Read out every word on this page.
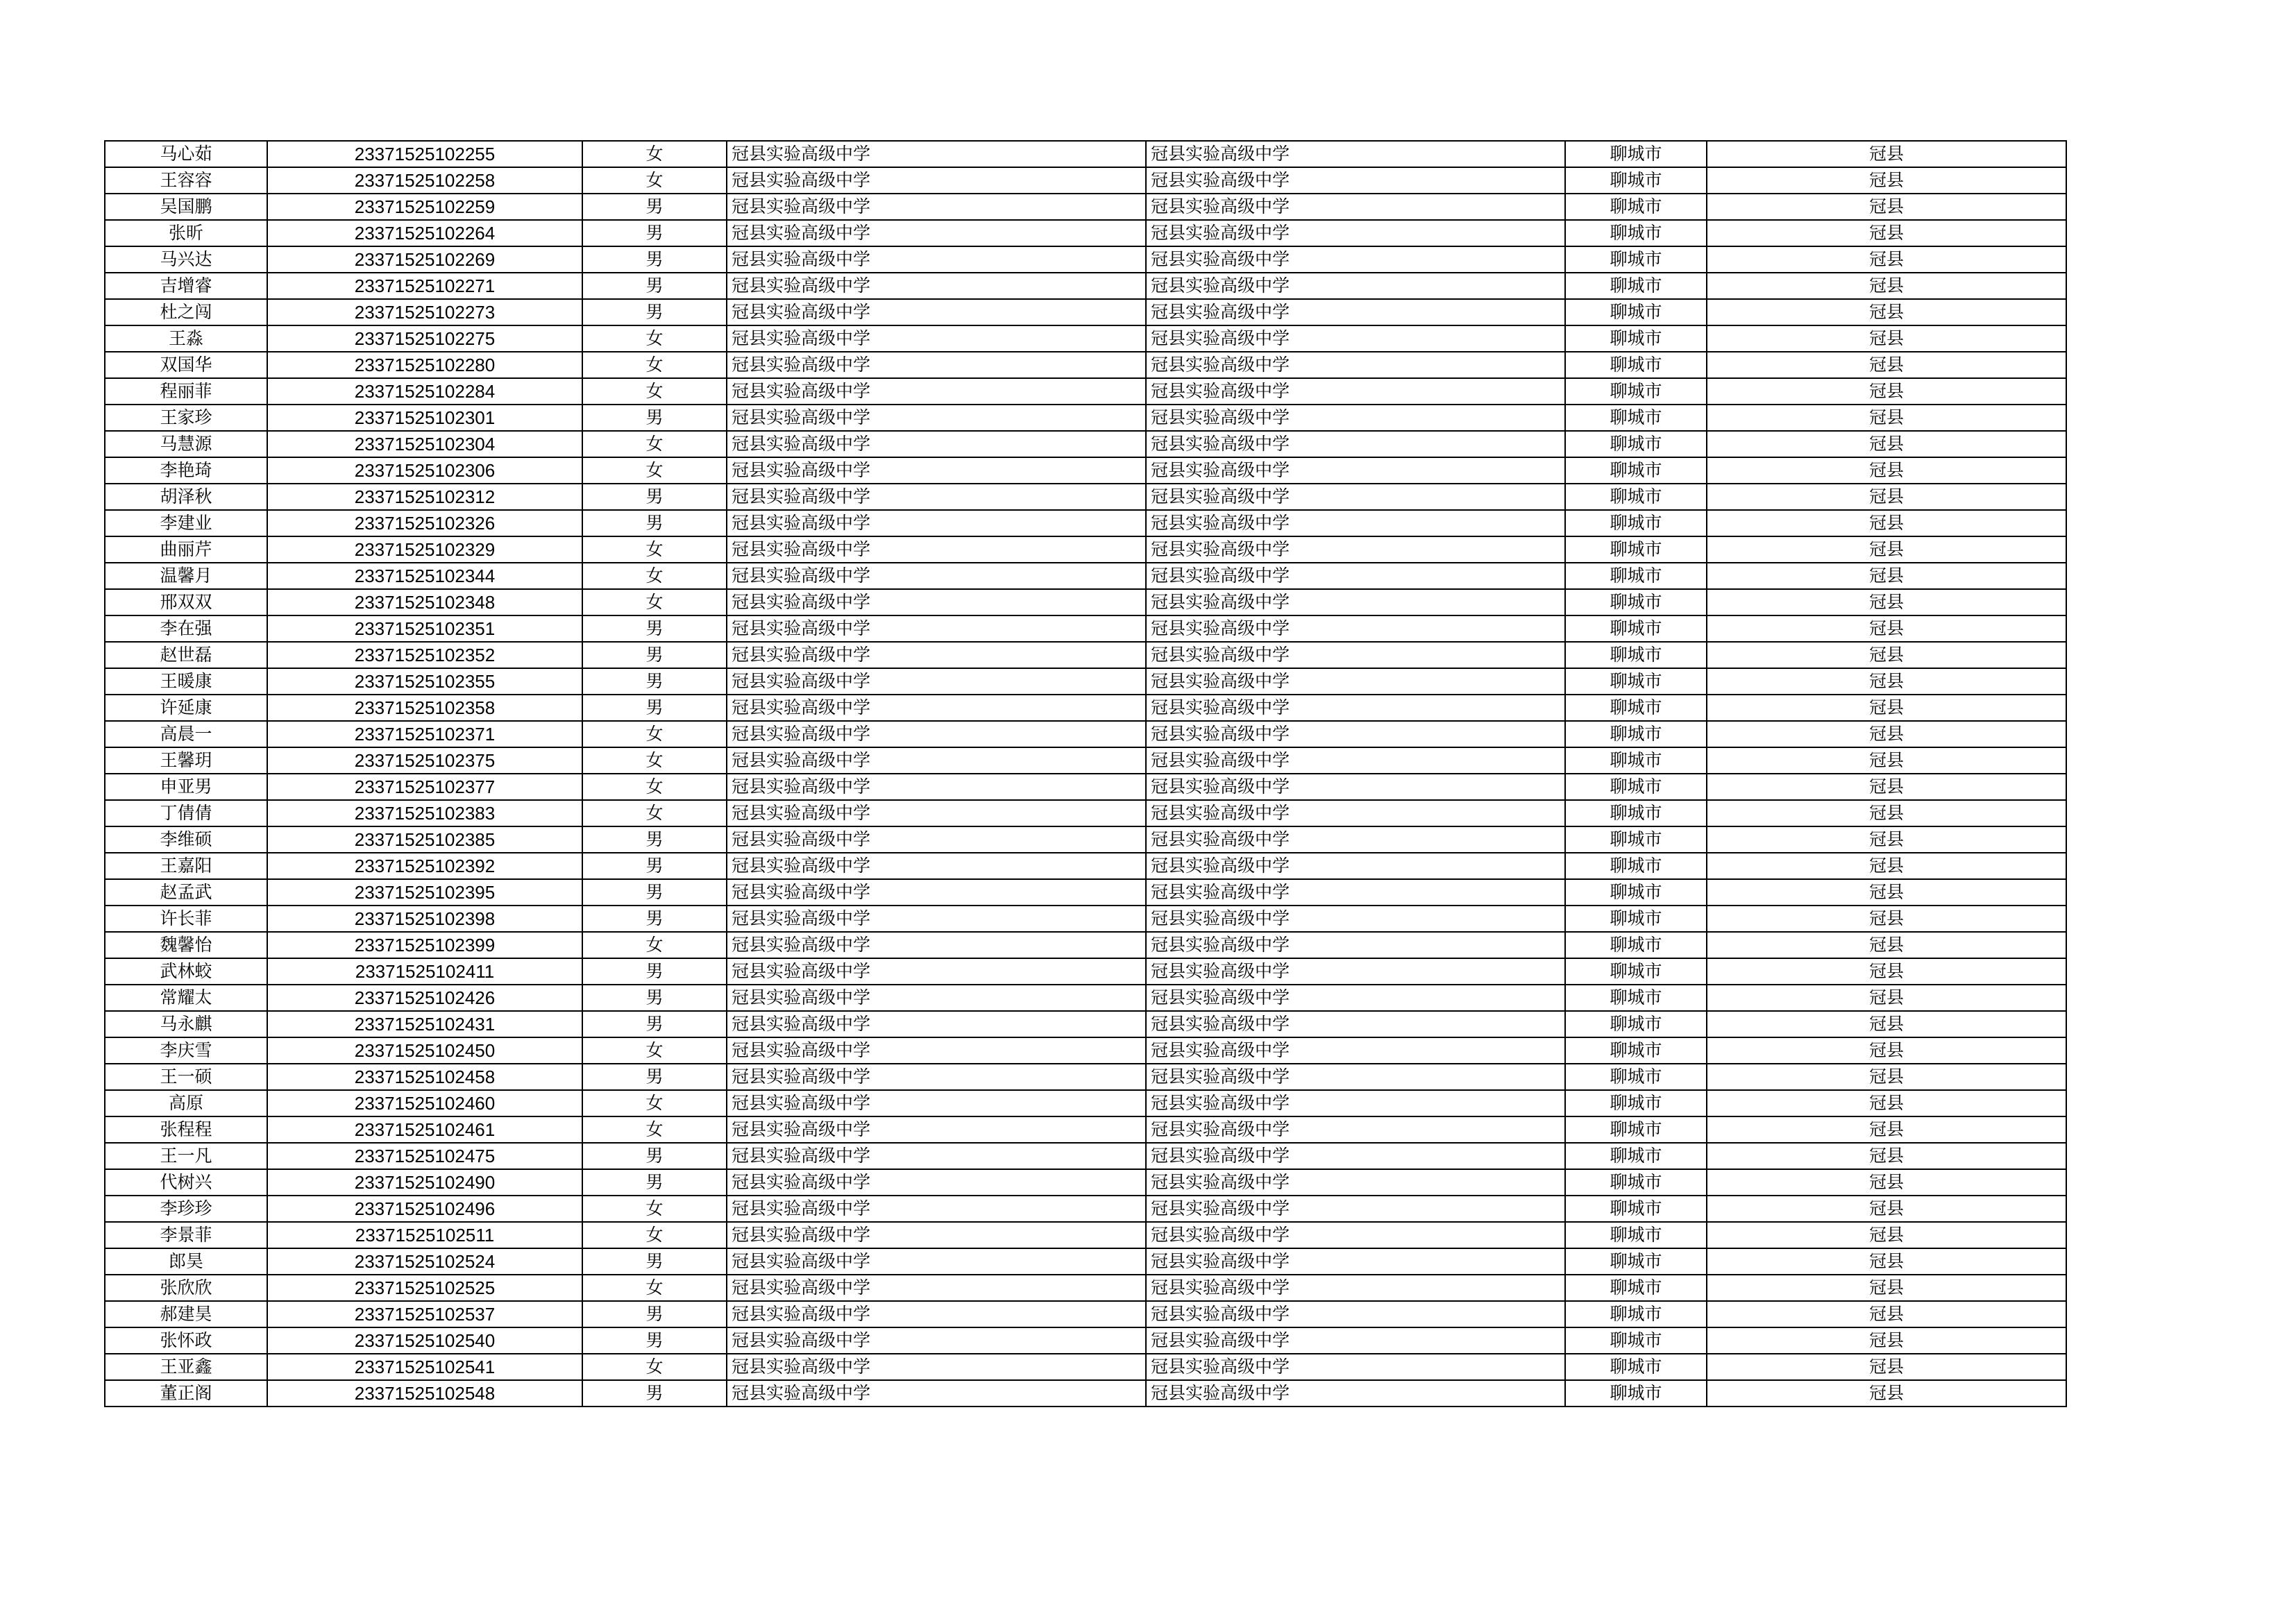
马心茹	23371525102255	女	冠县实验高级中学	冠县实验高级中学	聊城市	冠县
王容容	23371525102258	女	冠县实验高级中学	冠县实验高级中学	聊城市	冠县
吴国鹏	23371525102259	男	冠县实验高级中学	冠县实验高级中学	聊城市	冠县
张昕	23371525102264	男	冠县实验高级中学	冠县实验高级中学	聊城市	冠县
马兴达	23371525102269	男	冠县实验高级中学	冠县实验高级中学	聊城市	冠县
吉增睿	23371525102271	男	冠县实验高级中学	冠县实验高级中学	聊城市	冠县
杜之闯	23371525102273	男	冠县实验高级中学	冠县实验高级中学	聊城市	冠县
王淼	23371525102275	女	冠县实验高级中学	冠县实验高级中学	聊城市	冠县
双国华	23371525102280	女	冠县实验高级中学	冠县实验高级中学	聊城市	冠县
程丽菲	23371525102284	女	冠县实验高级中学	冠县实验高级中学	聊城市	冠县
王家珍	23371525102301	男	冠县实验高级中学	冠县实验高级中学	聊城市	冠县
马慧源	23371525102304	女	冠县实验高级中学	冠县实验高级中学	聊城市	冠县
李艳琦	23371525102306	女	冠县实验高级中学	冠县实验高级中学	聊城市	冠县
胡泽秋	23371525102312	男	冠县实验高级中学	冠县实验高级中学	聊城市	冠县
李建业	23371525102326	男	冠县实验高级中学	冠县实验高级中学	聊城市	冠县
曲丽芹	23371525102329	女	冠县实验高级中学	冠县实验高级中学	聊城市	冠县
温馨月	23371525102344	女	冠县实验高级中学	冠县实验高级中学	聊城市	冠县
邢双双	23371525102348	女	冠县实验高级中学	冠县实验高级中学	聊城市	冠县
李在强	23371525102351	男	冠县实验高级中学	冠县实验高级中学	聊城市	冠县
赵世磊	23371525102352	男	冠县实验高级中学	冠县实验高级中学	聊城市	冠县
王暖康	23371525102355	男	冠县实验高级中学	冠县实验高级中学	聊城市	冠县
许延康	23371525102358	男	冠县实验高级中学	冠县实验高级中学	聊城市	冠县
高晨一	23371525102371	女	冠县实验高级中学	冠县实验高级中学	聊城市	冠县
王馨玥	23371525102375	女	冠县实验高级中学	冠县实验高级中学	聊城市	冠县
申亚男	23371525102377	女	冠县实验高级中学	冠县实验高级中学	聊城市	冠县
丁倩倩	23371525102383	女	冠县实验高级中学	冠县实验高级中学	聊城市	冠县
李维硕	23371525102385	男	冠县实验高级中学	冠县实验高级中学	聊城市	冠县
王嘉阳	23371525102392	男	冠县实验高级中学	冠县实验高级中学	聊城市	冠县
赵孟武	23371525102395	男	冠县实验高级中学	冠县实验高级中学	聊城市	冠县
许长菲	23371525102398	男	冠县实验高级中学	冠县实验高级中学	聊城市	冠县
魏馨怡	23371525102399	女	冠县实验高级中学	冠县实验高级中学	聊城市	冠县
武林蛟	23371525102411	男	冠县实验高级中学	冠县实验高级中学	聊城市	冠县
常耀太	23371525102426	男	冠县实验高级中学	冠县实验高级中学	聊城市	冠县
马永麒	23371525102431	男	冠县实验高级中学	冠县实验高级中学	聊城市	冠县
李庆雪	23371525102450	女	冠县实验高级中学	冠县实验高级中学	聊城市	冠县
王一硕	23371525102458	男	冠县实验高级中学	冠县实验高级中学	聊城市	冠县
高原	23371525102460	女	冠县实验高级中学	冠县实验高级中学	聊城市	冠县
张程程	23371525102461	女	冠县实验高级中学	冠县实验高级中学	聊城市	冠县
王一凡	23371525102475	男	冠县实验高级中学	冠县实验高级中学	聊城市	冠县
代树兴	23371525102490	男	冠县实验高级中学	冠县实验高级中学	聊城市	冠县
李珍珍	23371525102496	女	冠县实验高级中学	冠县实验高级中学	聊城市	冠县
李景菲	23371525102511	女	冠县实验高级中学	冠县实验高级中学	聊城市	冠县
郎昊	23371525102524	男	冠县实验高级中学	冠县实验高级中学	聊城市	冠县
张欣欣	23371525102525	女	冠县实验高级中学	冠县实验高级中学	聊城市	冠县
郝建昊	23371525102537	男	冠县实验高级中学	冠县实验高级中学	聊城市	冠县
张怀政	23371525102540	男	冠县实验高级中学	冠县实验高级中学	聊城市	冠县
王亚鑫	23371525102541	女	冠县实验高级中学	冠县实验高级中学	聊城市	冠县
董正阁	23371525102548	男	冠县实验高级中学	冠县实验高级中学	聊城市	冠县
